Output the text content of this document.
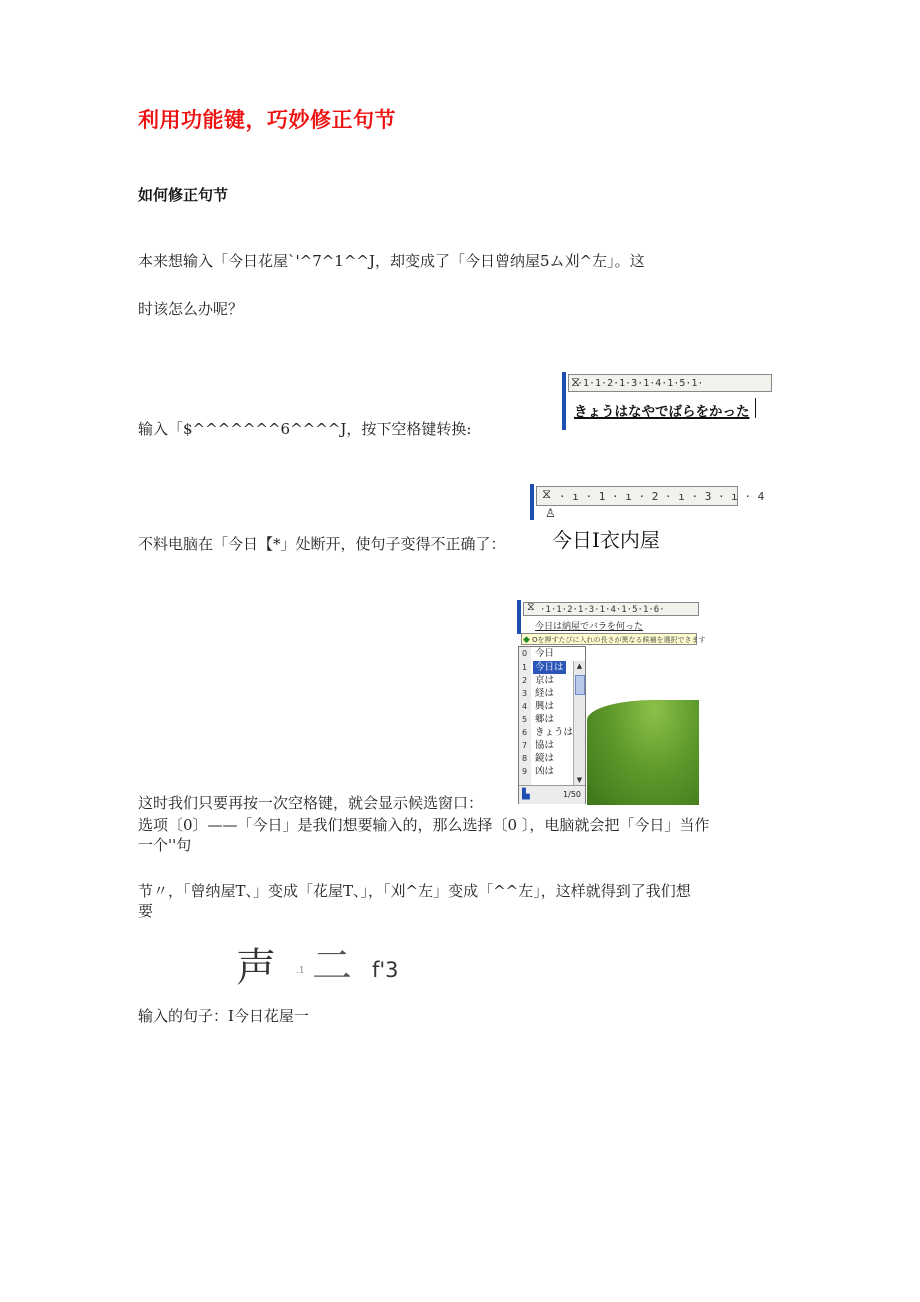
利用功能键，巧妙修正句节
如何修正句节
本来想输入「今日花屋`'^7^1^^J，却变成了「今日曾纳屋5ム刈^左」。这
时该怎么办呢？
·1·1·2·1·3·1·4·1·5·1·
⧖
きょうはなやでばらをかった
输入「$^^^^^^^6^^^^J，按下空格键转换:
· ı · 1 · ı · 2 · ı · 3 · ı · 4
⧖
♙
今日I衣内屋
不料电脑在「今日【*」处断开，使句子变得不正确了：
·1·1·2·1·3·1·4·1·5·1·6·
⧖
今日は納屋でバラを何った
◆ Oを押すたびに入れの長さが異なる候補を選択できます
0 今日
1 今日は
2 京は
3 経は
4 興は
5 郷は
6 きょうは
7 協は
8 鏡は
9 凶は
▲
▼
▙	1/50
这时我们只要再按一次空格键，就会显示候选窗口：
选项〔0〕——「今日」是我们想要输入的，那么选择〔0 〕，电脑就会把「今日」当作
一个''句
节〃，「曾纳屋T、」变成「花屋T、」，「刈^左」变成「^^左」，这样就得到了我们想
要
声 .1 二 f'3
输入的句子：I今日花屋一
